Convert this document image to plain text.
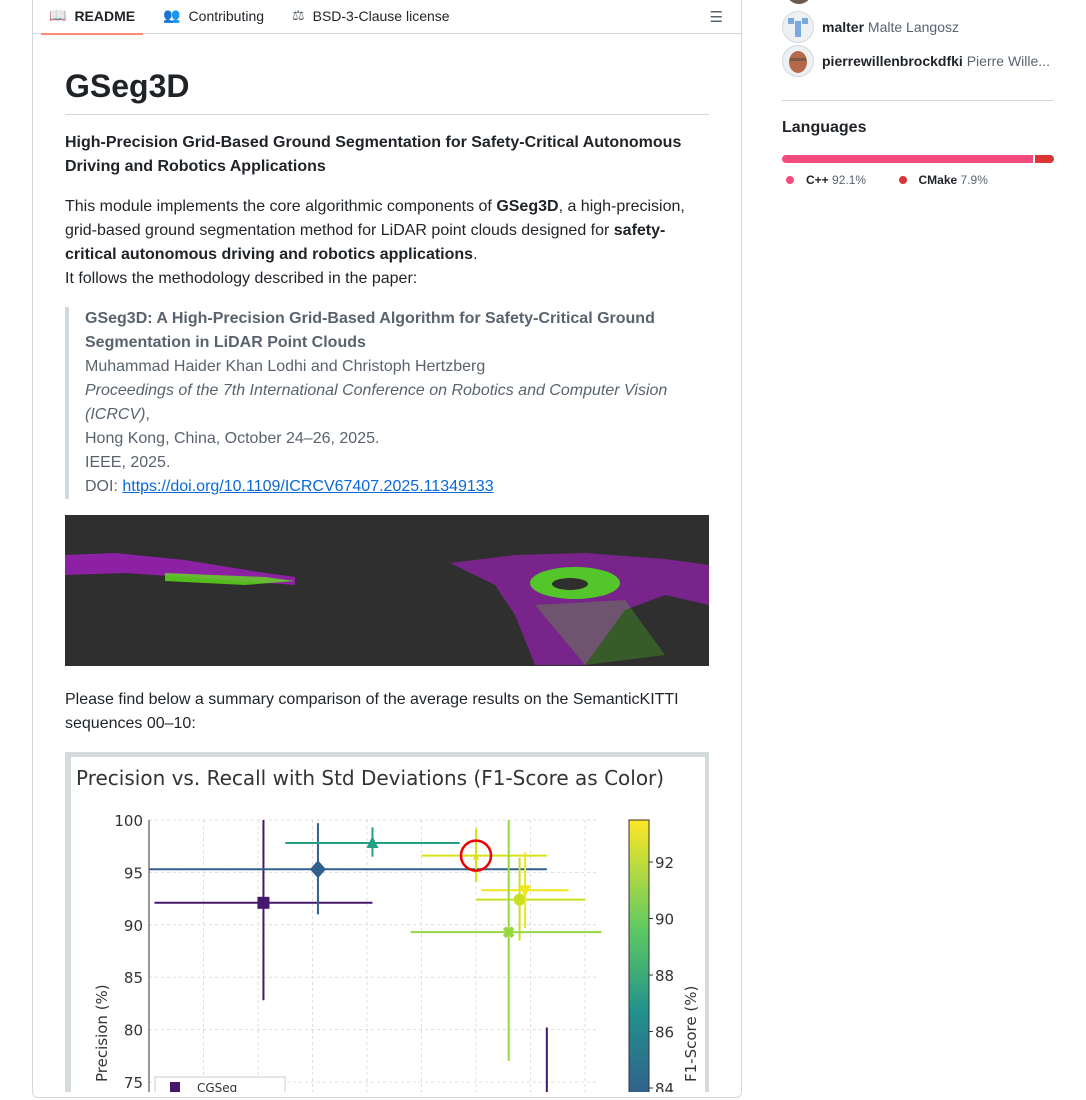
📖 README 👥 Contributing ⚖ BSD-3-Clause license	☰
GSeg3D

High-Precision Grid-Based Ground Segmentation for Safety-Critical Autonomous Driving and Robotics Applications

This module implements the core algorithmic components of GSeg3D, a high-precision, grid-based ground segmentation method for LiDAR point clouds designed for safety-critical autonomous driving and robotics applications.
It follows the methodology described in the paper:

GSeg3D: A High-Precision Grid-Based Algorithm for Safety-Critical Ground Segmentation in LiDAR Point Clouds
Muhammad Haider Khan Lodhi and Christoph Hertzberg
Proceedings of the 7th International Conference on Robotics and Computer Vision (ICRCV),
Hong Kong, China, October 24–26, 2025.
IEEE, 2025.
DOI: https://doi.org/10.1109/ICRCV67407.2025.11349133

Please find below a summary comparison of the average results on the SemanticKITTI sequences 00–10:

Precision vs. Recall with Std Deviations (F1-Score as Color)
100
95
90
85
80
75
Precision (%)
★
✖
CGSeg
92
90
88
86
84
F1-Score (%)
malter Malte Langosz
pierrewillenbrockdfki Pierre Wille...
Languages
C++
92.1%
	CMake
7.9%
